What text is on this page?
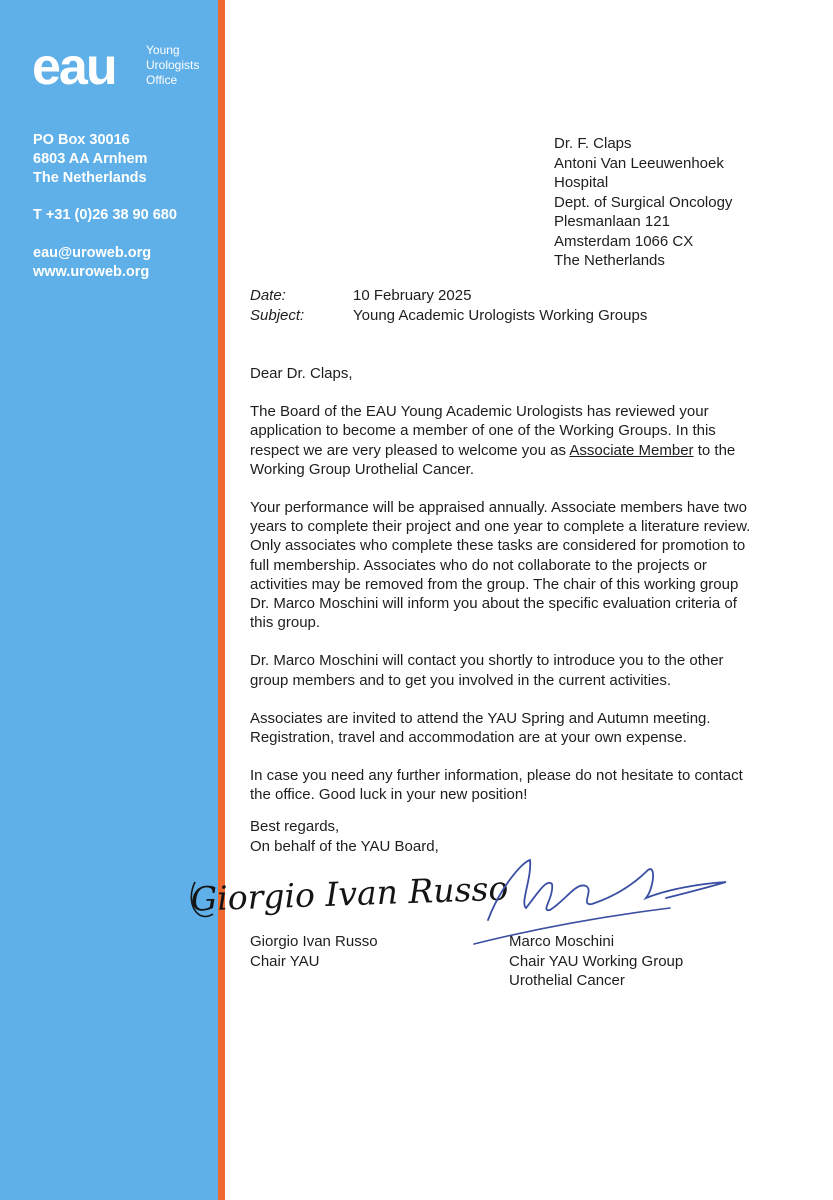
eau	Young
Urologists
Office
PO Box 30016
6803 AA Arnhem
The Netherlands
T +31 (0)26 38 90 680
eau@uroweb.org
www.uroweb.org
Dr. F. Claps
Antoni Van Leeuwenhoek
Hospital
Dept. of Surgical Oncology
Plesmanlaan 121
Amsterdam 1066 CX
The Netherlands
Date:	10 February 2025
Subject:	Young Academic Urologists Working Groups

Dear Dr. Claps,

The Board of the EAU Young Academic Urologists has reviewed your application to become a member of one of the Working Groups. In this respect we are very pleased to welcome you as Associate Member to the Working Group Urothelial Cancer.

Your performance will be appraised annually. Associate members have two years to complete their project and one year to complete a literature review. Only associates who complete these tasks are considered for promotion to full membership. Associates who do not collaborate to the projects or activities may be removed from the group. The chair of this working group Dr. Marco Moschini will inform you about the specific evaluation criteria of this group.

Dr. Marco Moschini will contact you shortly to introduce you to the other group members and to get you involved in the current activities.

Associates are invited to attend the YAU Spring and Autumn meeting. Registration, travel and accommodation are at your own expense.

In case you need any further information, please do not hesitate to contact the office. Good luck in your new position!

Best regards,
On behalf of the YAU Board,
Giorgio Ivan Russo
Giorgio Ivan Russo
Chair YAU
Marco Moschini
Chair YAU Working Group
Urothelial Cancer
